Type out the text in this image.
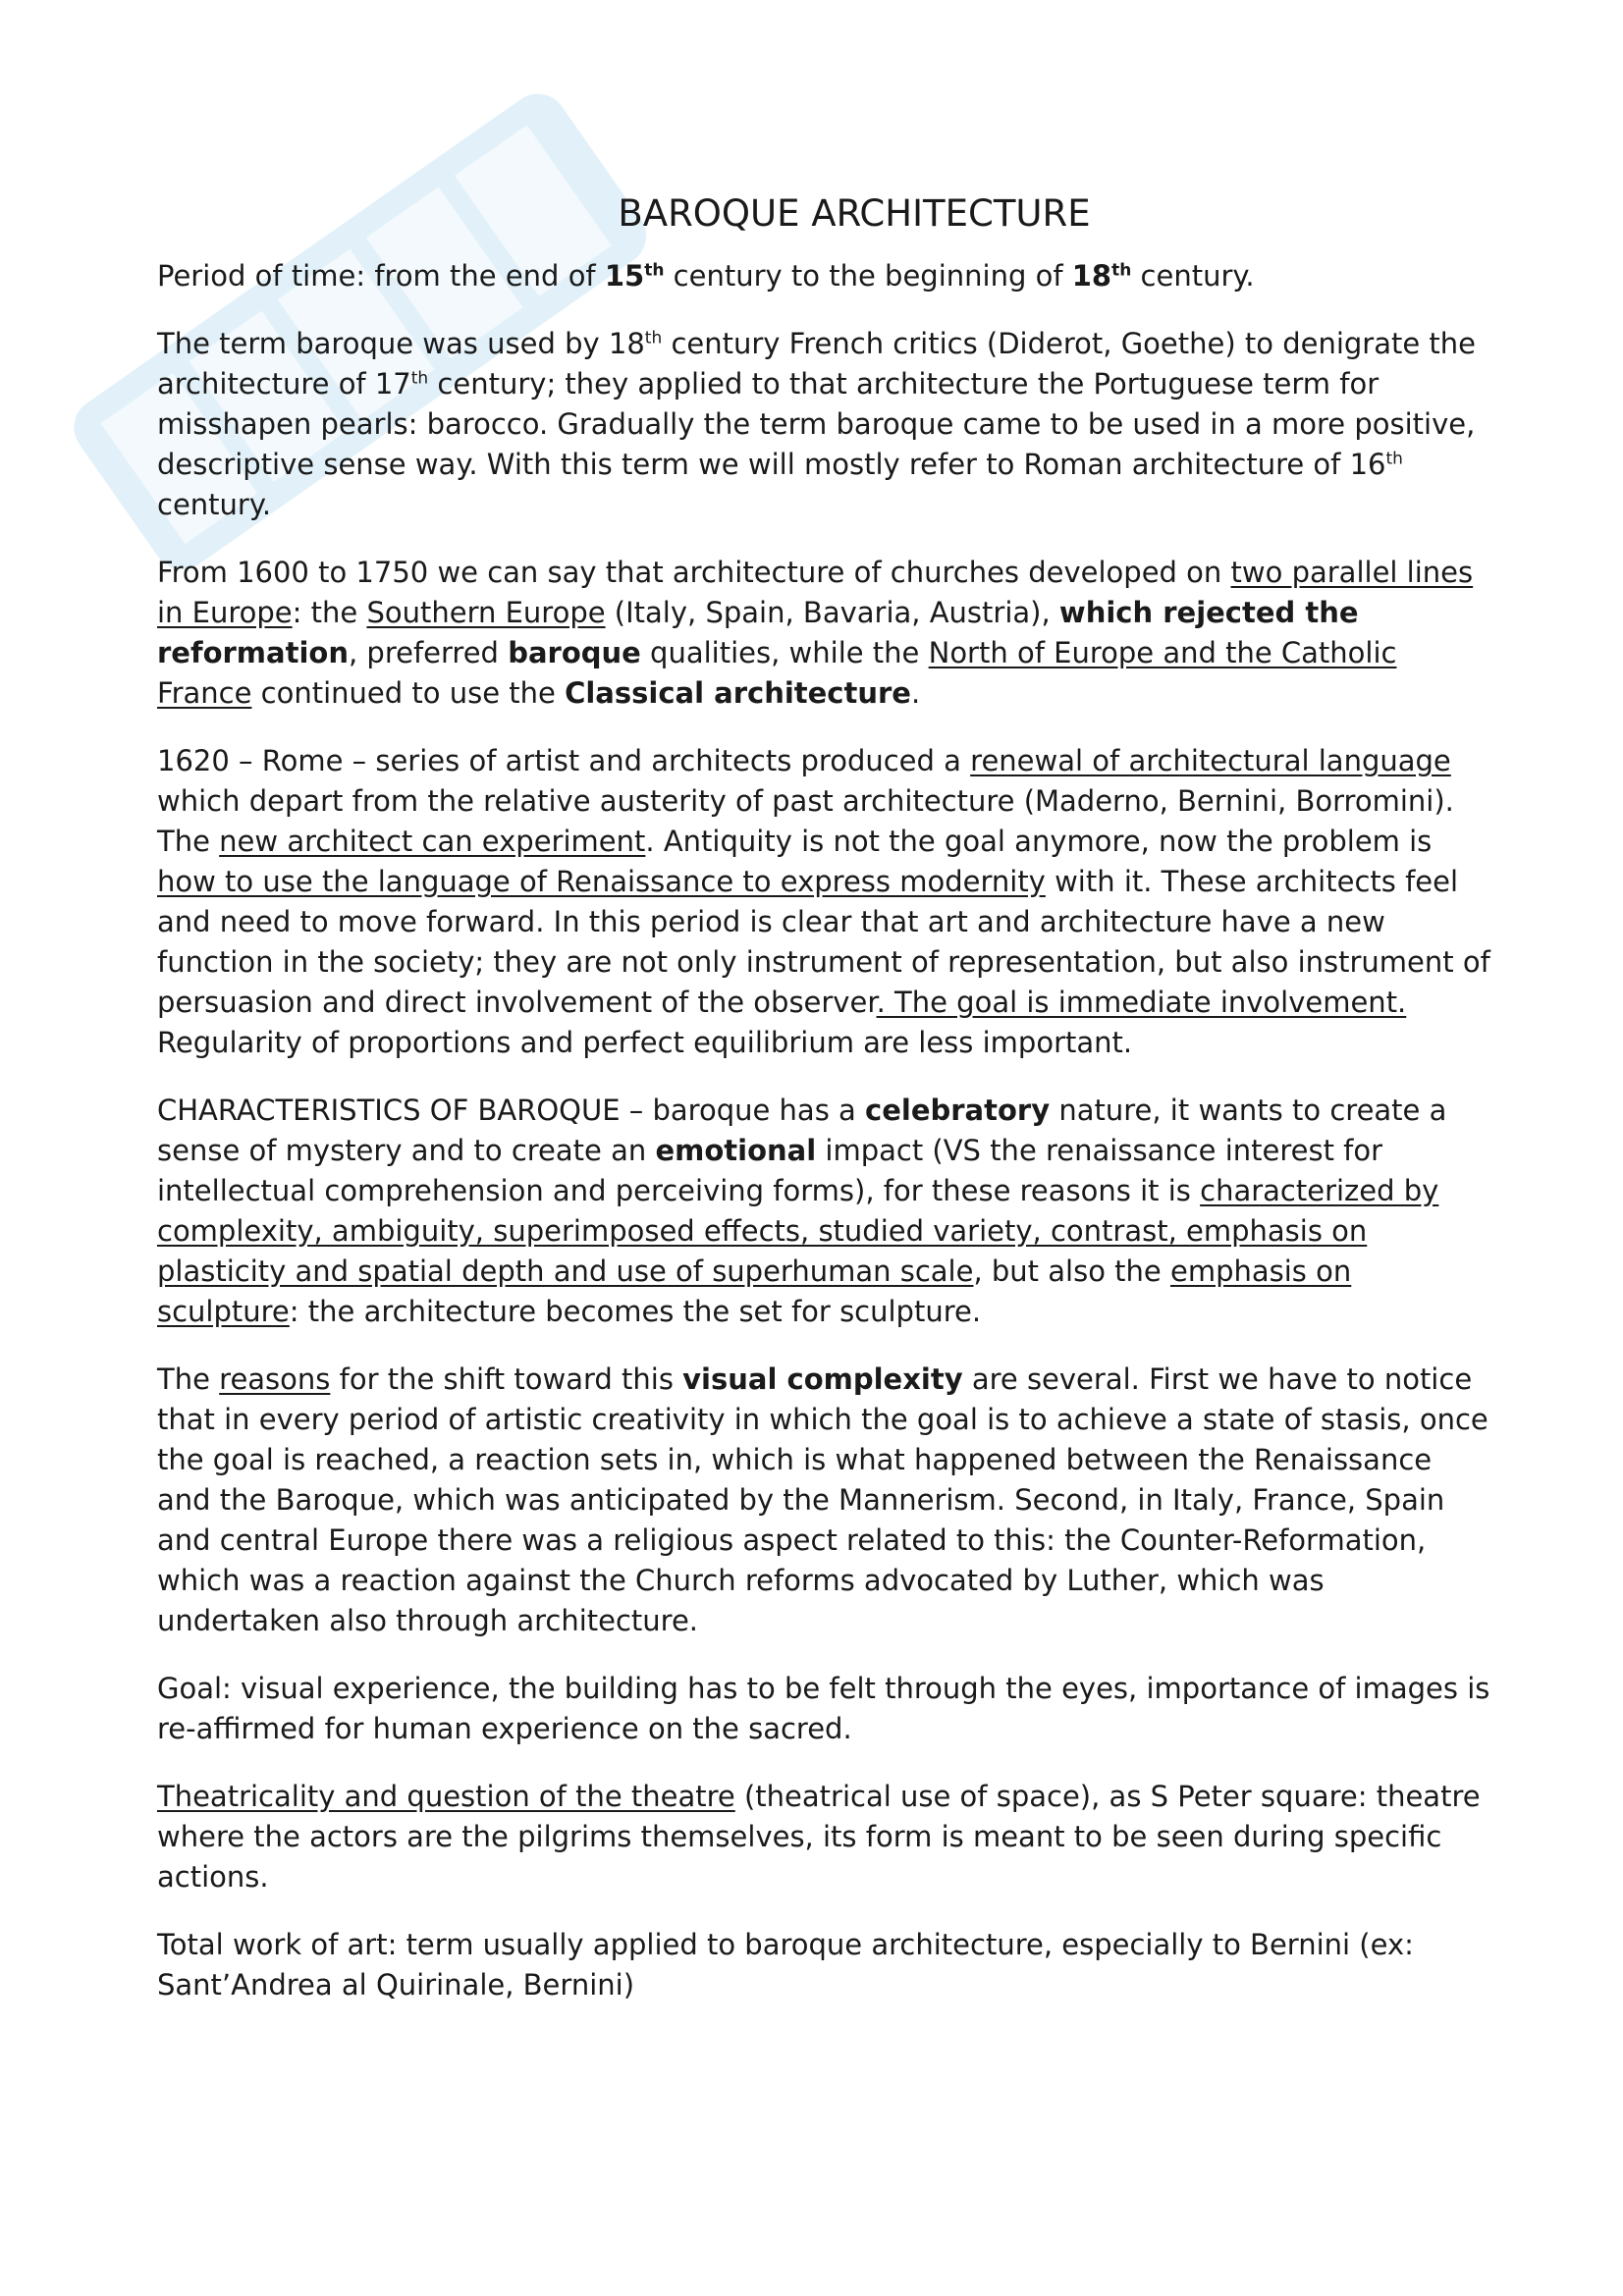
BAROQUE ARCHITECTURE

Period of time: from the end of 15th century to the beginning of 18th century.

The term baroque was used by 18th century French critics (Diderot, Goethe) to denigrate the architecture of 17th century; they applied to that architecture the Portuguese term for misshapen pearls: barocco. Gradually the term baroque came to be used in a more positive, descriptive sense way. With this term we will mostly refer to Roman architecture of 16th century.

From 1600 to 1750 we can say that architecture of churches developed on two parallel lines in Europe: the Southern Europe (Italy, Spain, Bavaria, Austria), which rejected the reformation, preferred baroque qualities, while the North of Europe and the Catholic France continued to use the Classical architecture.

1620 – Rome – series of artist and architects produced a renewal of architectural language which depart from the relative austerity of past architecture (Maderno, Bernini, Borromini). The new architect can experiment. Antiquity is not the goal anymore, now the problem is how to use the language of Renaissance to express modernity with it. These architects feel and need to move forward. In this period is clear that art and architecture have a new function in the society; they are not only instrument of representation, but also instrument of persuasion and direct involvement of the observer. The goal is immediate involvement. Regularity of proportions and perfect equilibrium are less important.

CHARACTERISTICS OF BAROQUE – baroque has a celebratory nature, it wants to create a sense of mystery and to create an emotional impact (VS the renaissance interest for intellectual comprehension and perceiving forms), for these reasons it is characterized by complexity, ambiguity, superimposed effects, studied variety, contrast, emphasis on plasticity and spatial depth and use of superhuman scale, but also the emphasis on sculpture: the architecture becomes the set for sculpture.

The reasons for the shift toward this visual complexity are several. First we have to notice that in every period of artistic creativity in which the goal is to achieve a state of stasis, once the goal is reached, a reaction sets in, which is what happened between the Renaissance and the Baroque, which was anticipated by the Mannerism. Second, in Italy, France, Spain and central Europe there was a religious aspect related to this: the Counter-Reformation, which was a reaction against the Church reforms advocated by Luther, which was undertaken also through architecture.

Goal: visual experience, the building has to be felt through the eyes, importance of images is re-affirmed for human experience on the sacred.

Theatricality and question of the theatre (theatrical use of space), as S Peter square: theatre where the actors are the pilgrims themselves, its form is meant to be seen during specific actions.

Total work of art: term usually applied to baroque architecture, especially to Bernini (ex: Sant’Andrea al Quirinale, Bernini)
